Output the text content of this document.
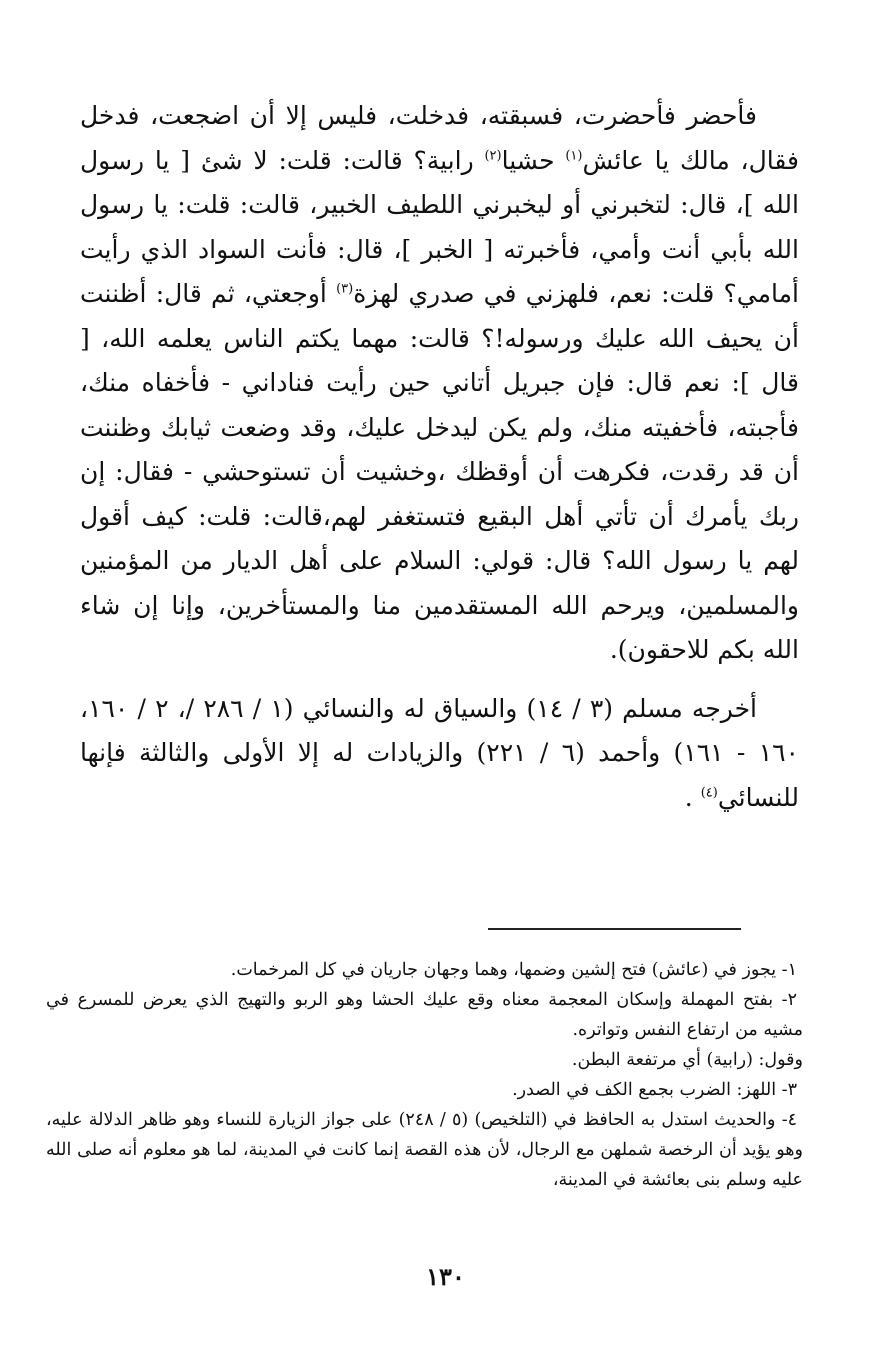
فأحضر فأحضرت، فسبقته، فدخلت، فليس إلا أن اضجعت، فدخل فقال، مالك يا عائش$^{(١)}$ حشيا$^{(٢)}$ رابية؟ قالت: قلت: لا شئ [ يا رسول الله ]، قال: لتخبرني أو ليخبرني اللطيف الخبير، قالت: قلت: يا رسول الله بأبي أنت وأمي، فأخبرته [ الخبر ]، قال: فأنت السواد الذي رأيت أمامي؟ قلت: نعم، فلهزني في صدري لهزة$^{(٣)}$ أوجعتي، ثم قال: أظننت أن يحيف الله عليك ورسوله!؟ قالت: مهما يكتم الناس يعلمه الله، [ قال ]: نعم قال: فإن جبريل أتاني حين رأيت فناداني - فأخفاه منك، فأجبته، فأخفيته منك، ولم يكن ليدخل عليك، وقد وضعت ثيابك وظننت أن قد رقدت، فكرهت أن أوقظك ،وخشيت أن تستوحشي - فقال: إن ربك يأمرك أن تأتي أهل البقيع فتستغفر لهم،قالت: قلت: كيف أقول لهم يا رسول الله؟ قال: قولي: السلام على أهل الديار من المؤمنين والمسلمين، ويرحم الله المستقدمين منا والمستأخرين، وإنا إن شاء الله بكم للاحقون).

أخرجه مسلم (٣ / ١٤) والسياق له والنسائي (١ / ٢٨٦ /، ٢ / ١٦٠، ١٦٠ - ١٦١) وأحمد (٦ / ٢٢١) والزيادات له إلا الأولى والثالثة فإنها للنسائي$^{(٤)}$ .

١- يجوز في (عائش) فتح إلشين وضمها، وهما وجهان جاريان في كل المرخمات.

٢- بفتح المهملة وإسكان المعجمة معناه وقع عليك الحشا وهو الربو والتهيج الذي يعرض للمسرع في مشيه من ارتفاع النفس وتواتره.

وقول: (رابية) أي مرتفعة البطن.

٣- اللهز: الضرب بجمع الكف في الصدر.

٤- والحديث استدل به الحافظ في (التلخيص) (٥ / ٢٤٨) على جواز الزيارة للنساء وهو ظاهر الدلالة عليه، وهو يؤيد أن الرخصة شملهن مع الرجال، لأن هذه القصة إنما كانت في المدينة، لما هو معلوم أنه صلى الله عليه وسلم بنى بعائشة في المدينة،

١٣٠
